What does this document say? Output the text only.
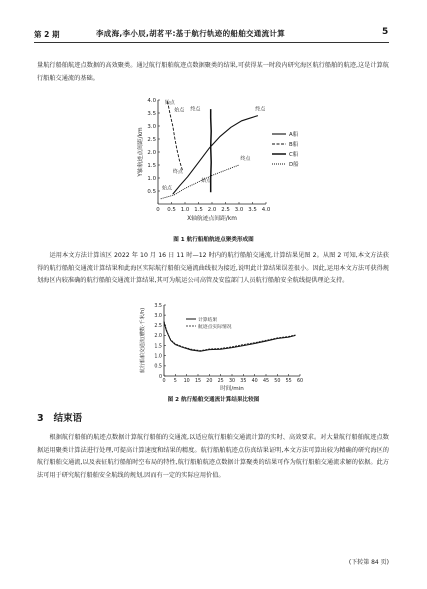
第 2 期	李成海,李小辰,胡茗平:基于航行轨迹的船舶交通流计算	5

量航行船舶航迹点数据的高效聚类。通过航行船舶航迹点数据聚类的结果,可获得某一时段内研究海区航行船舶的航迹,这是计算航行船舶交通流的基础。

0 0.5 1.0 1.5 2.0 2.5 3.0 3.5 4.0
0.5
1.0
1.5
2.0
2.5
3.0
3.5
4.0
X轴航迹点间距/km
Y轴航迹点间距/km
始点 终点	终点
终点
始点
始点
终点
始点
A船
B船
C船
D船
图 1 航行船舶航迹点聚类形成图

运用本文方法计算该区 2022 年 10 月 16 日 11 时—12 时内的航行船舶交通流,计算结果见图 2。从图 2 可知,本文方法获得的航行船舶交通流计算结果和此海区实际航行船舶交通流曲线很为接近,说明此计算结果误差很小。因此,运用本文方法可获得规划海区内较准确的航行船舶交通流计算结果,其可为航运公司高管及安监部门人员航行船舶安全航线提供理论支持。

0 5 10 15 20 25 30 35 40 45 50 55 60
0
0.5
1.0
1.5
2.0
2.5
3.0
3.5
时间/min
航行船舶交通流(艘数·千米/h)	计算结果
航迹点实际情况
图 2 航行船舶交通流计算结果比较图
3 结束语

根据航行船舶的航迹点数据计算航行船舶的交通流,以适应航行船舶交通流计算的实时、高效要求。对大量航行船舶航迹点数据运用聚类计算法进行处理,可提高计算速度和结果的精度。航行船舶航迹点仿真结果证明,本文方法可算出较为精确的研究海区的航行船舶交通流,以及表征航行船舶时空布局的特性,航行船舶航迹点数据计算聚类的结果可作为航行船舶交通流求解的依据。此方法可用于研究航行船舶安全航线的规划,因而有一定的实际应用价值。

(下转第 84 页)
